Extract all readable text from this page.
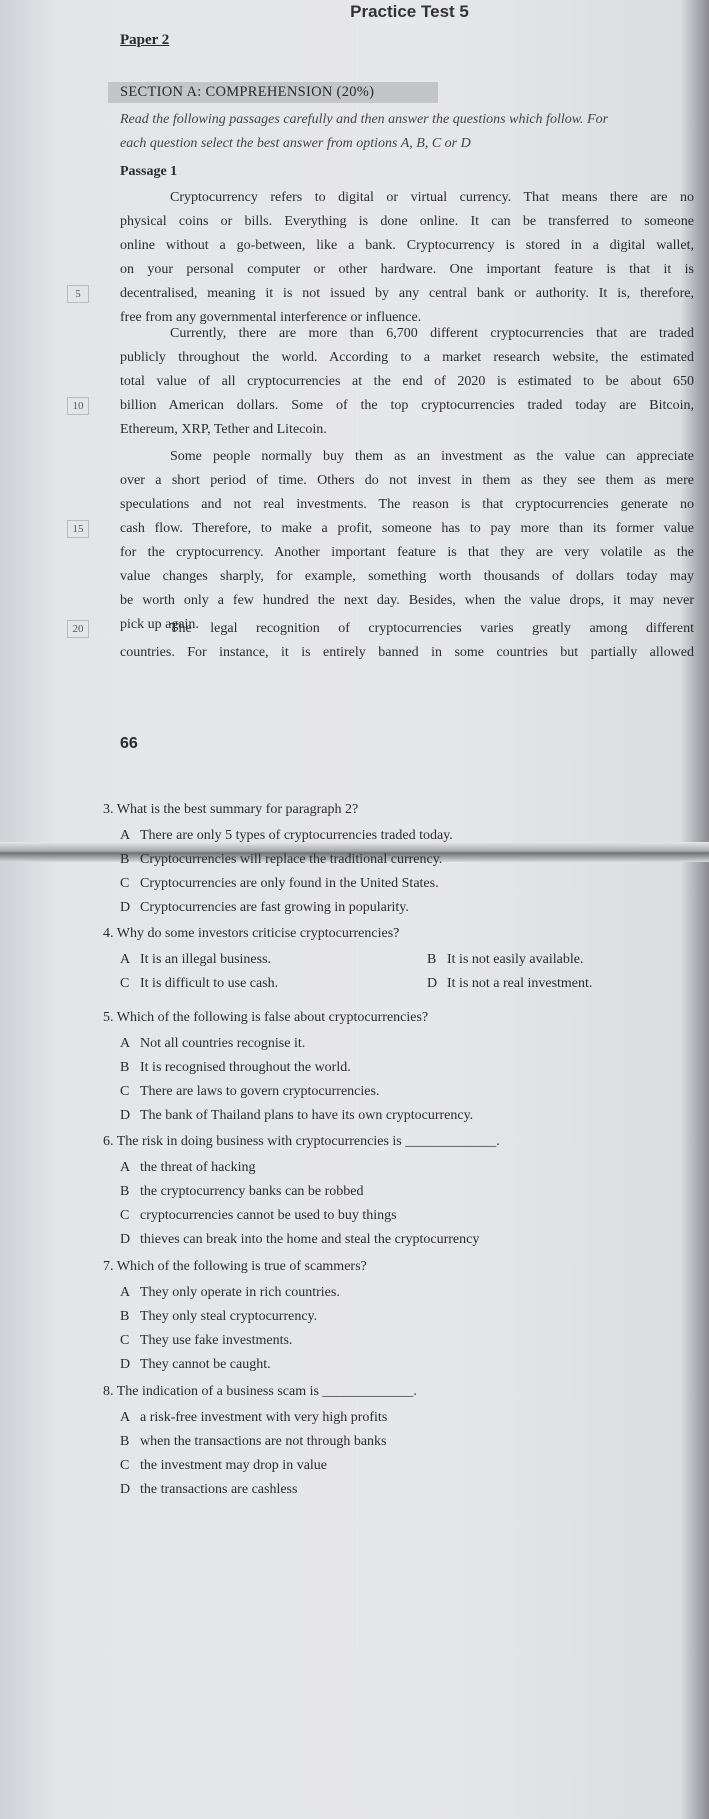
Practice Test 5
Paper 2
SECTION A: COMPREHENSION (20%)
Read the following passages carefully and then answer the questions which follow. For
each question select the best answer from options A, B, C or D
Passage 1
Cryptocurrency refers to digital or virtual currency. That means there are no
physical coins or bills. Everything is done online. It can be transferred to someone
online without a go-between, like a bank. Cryptocurrency is stored in a digital wallet,
on your personal computer or other hardware. One important feature is that it is
decentralised, meaning it is not issued by any central bank or authority. It is, therefore,
5
free from any governmental interference or influence.
Currently, there are more than 6,700 different cryptocurrencies that are traded
publicly throughout the world. According to a market research website, the estimated
total value of all cryptocurrencies at the end of 2020 is estimated to be about 650
billion American dollars. Some of the top cryptocurrencies traded today are Bitcoin,
10
Ethereum, XRP, Tether and Litecoin.
Some people normally buy them as an investment as the value can appreciate
over a short period of time. Others do not invest in them as they see them as mere
speculations and not real investments. The reason is that cryptocurrencies generate no
cash flow. Therefore, to make a profit, someone has to pay more than its former value
15
for the cryptocurrency. Another important feature is that they are very volatile as the
value changes sharply, for example, something worth thousands of dollars today may
be worth only a few hundred the next day. Besides, when the value drops, it may never
pick up again.
The legal recognition of cryptocurrencies varies greatly among different
20
countries. For instance, it is entirely banned in some countries but partially allowed
66
3. What is the best summary for paragraph 2?
A There are only 5 types of cryptocurrencies traded today.
B Cryptocurrencies will replace the traditional currency.
C Cryptocurrencies are only found in the United States.
D Cryptocurrencies are fast growing in popularity.
4. Why do some investors criticise cryptocurrencies?
A It is an illegal business.	B It is not easily available.
C It is difficult to use cash.	D It is not a real investment.
5. Which of the following is false about cryptocurrencies?
A Not all countries recognise it.
B It is recognised throughout the world.
C There are laws to govern cryptocurrencies.
D The bank of Thailand plans to have its own cryptocurrency.
6. The risk in doing business with cryptocurrencies is _____________.
A the threat of hacking
B the cryptocurrency banks can be robbed
C cryptocurrencies cannot be used to buy things
D thieves can break into the home and steal the cryptocurrency
7. Which of the following is true of scammers?
A They only operate in rich countries.
B They only steal cryptocurrency.
C They use fake investments.
D They cannot be caught.
8. The indication of a business scam is _____________.
A a risk-free investment with very high profits
B when the transactions are not through banks
C the investment may drop in value
D the transactions are cashless
